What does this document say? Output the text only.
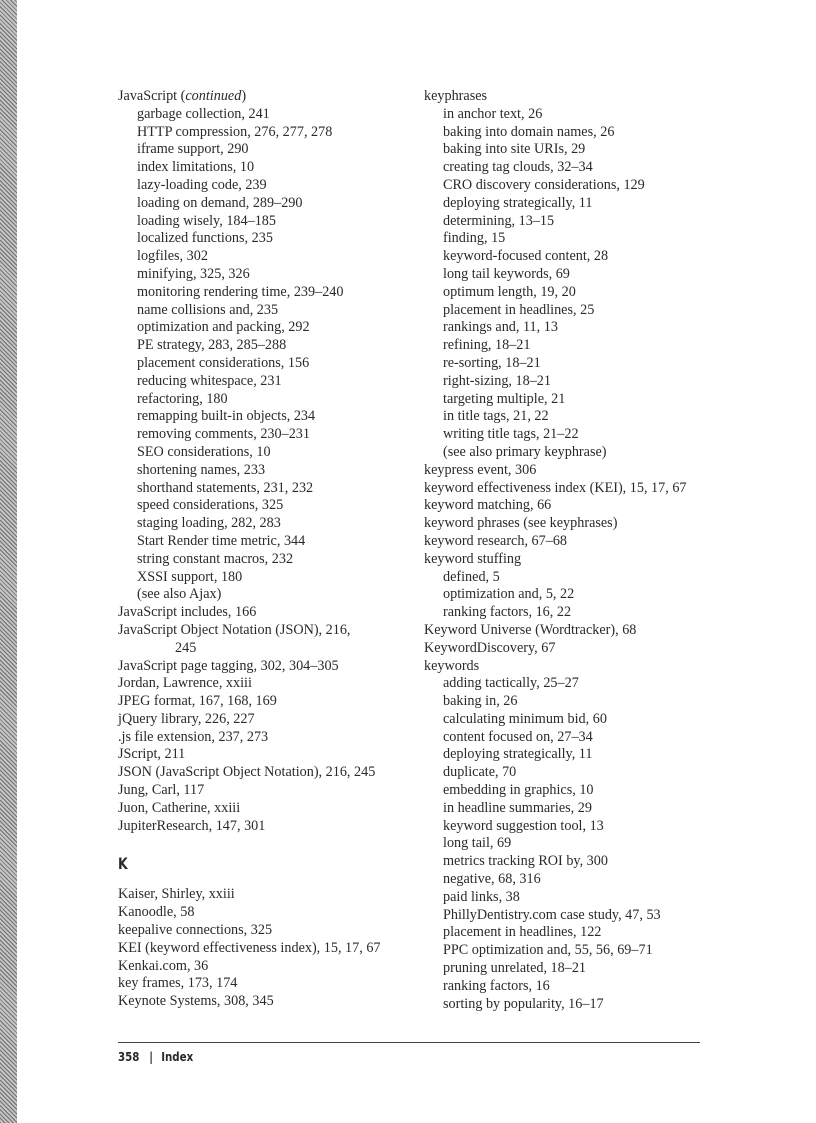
JavaScript (continued)
garbage collection, 241
HTTP compression, 276, 277, 278
iframe support, 290
index limitations, 10
lazy-loading code, 239
loading on demand, 289–290
loading wisely, 184–185
localized functions, 235
logfiles, 302
minifying, 325, 326
monitoring rendering time, 239–240
name collisions and, 235
optimization and packing, 292
PE strategy, 283, 285–288
placement considerations, 156
reducing whitespace, 231
refactoring, 180
remapping built-in objects, 234
removing comments, 230–231
SEO considerations, 10
shortening names, 233
shorthand statements, 231, 232
speed considerations, 325
staging loading, 282, 283
Start Render time metric, 344
string constant macros, 232
XSSI support, 180
(see also Ajax)
JavaScript includes, 166
JavaScript Object Notation (JSON), 216,
245
JavaScript page tagging, 302, 304–305
Jordan, Lawrence, xxiii
JPEG format, 167, 168, 169
jQuery library, 226, 227
.js file extension, 237, 273
JScript, 211
JSON (JavaScript Object Notation), 216, 245
Jung, Carl, 117
Juon, Catherine, xxiii
JupiterResearch, 147, 301
K
Kaiser, Shirley, xxiii
Kanoodle, 58
keepalive connections, 325
KEI (keyword effectiveness index), 15, 17, 67
Kenkai.com, 36
key frames, 173, 174
Keynote Systems, 308, 345
keyphrases
in anchor text, 26
baking into domain names, 26
baking into site URIs, 29
creating tag clouds, 32–34
CRO discovery considerations, 129
deploying strategically, 11
determining, 13–15
finding, 15
keyword-focused content, 28
long tail keywords, 69
optimum length, 19, 20
placement in headlines, 25
rankings and, 11, 13
refining, 18–21
re-sorting, 18–21
right-sizing, 18–21
targeting multiple, 21
in title tags, 21, 22
writing title tags, 21–22
(see also primary keyphrase)
keypress event, 306
keyword effectiveness index (KEI), 15, 17, 67
keyword matching, 66
keyword phrases (see keyphrases)
keyword research, 67–68
keyword stuffing
defined, 5
optimization and, 5, 22
ranking factors, 16, 22
Keyword Universe (Wordtracker), 68
KeywordDiscovery, 67
keywords
adding tactically, 25–27
baking in, 26
calculating minimum bid, 60
content focused on, 27–34
deploying strategically, 11
duplicate, 70
embedding in graphics, 10
in headline summaries, 29
keyword suggestion tool, 13
long tail, 69
metrics tracking ROI by, 300
negative, 68, 316
paid links, 38
PhillyDentistry.com case study, 47, 53
placement in headlines, 122
PPC optimization and, 55, 56, 69–71
pruning unrelated, 18–21
ranking factors, 16
sorting by popularity, 16–17
358 | Index
